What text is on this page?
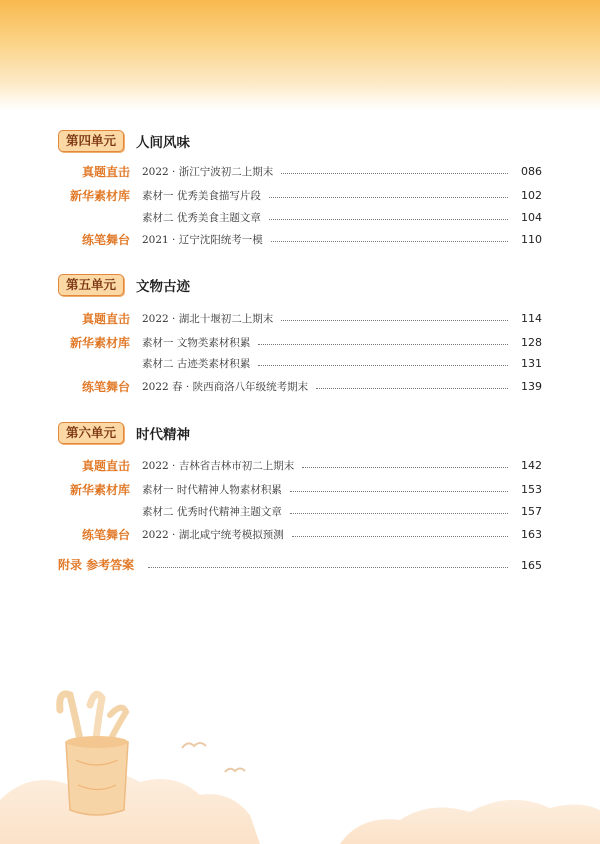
第四单元	人间风味
真题直击 2022 · 浙江宁波初二上期末	086
新华素材库 素材一 优秀美食描写片段	102
素材二 优秀美食主题文章	104
练笔舞台 2021 · 辽宁沈阳统考一模	110
第五单元	文物古迹
真题直击 2022 · 湖北十堰初二上期末	114
新华素材库 素材一 文物类素材积累	128
素材二 古迹类素材积累	131
练笔舞台 2022 春 · 陕西商洛八年级统考期末	139
第六单元	时代精神
真题直击 2022 · 吉林省吉林市初二上期末	142
新华素材库 素材一 时代精神人物素材积累	153
素材二 优秀时代精神主题文章	157
练笔舞台 2022 · 湖北咸宁统考模拟预测	163
附录 参考答案	165
